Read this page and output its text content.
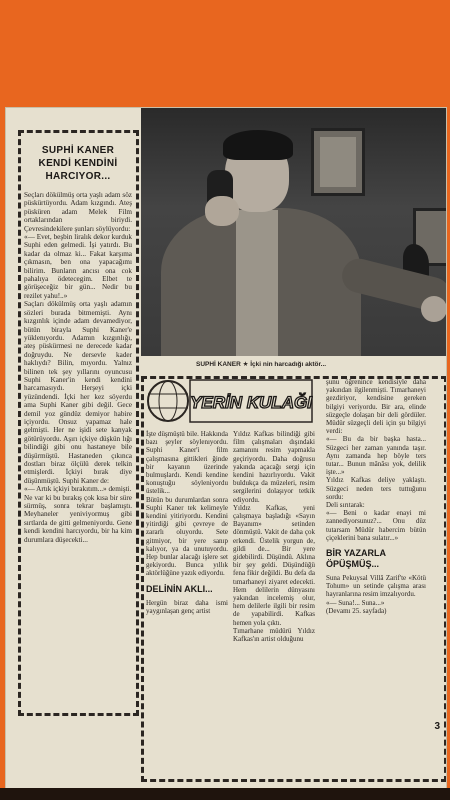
SUPHİ KANER
KENDİ KENDİNİ
HARCIYOR...

Seçları dökülmüş orta yaşlı adam söz püskürtüyordu. Adam kızgındı. Ateş püsküren adam Melek Film ortaklarından biriydi. Çevresindekilere şunları söylüyordu:
«— Evet, beşbin liralık dekor kurduk Suphi eden gelmedi. İşi yatırdı. Bu kadar da olmaz ki... Fakat karşıma çıkmasın, ben ona yapacağımı bilirim. Bunların ancısı ona cok pahalıya ödetecegim. Elbet te görüşeceğiz bir gün... Nedir bu rezilet yahu!..»
Saçları dökülmüş orta yaşlı adamın sözleri burada bitmemişti. Aynı kızgınlık içinde adam devamediyor, bütün birayla Suphi Kaner'e yüklenıyordu. Adamın kızgınlığı, ateş püskürmesi ne derecede kadar doğruydu. Ne dersevle kader haklıydı? Bilin, mıyordu. Yalnız bilinen tek şey yıllarını oyuncusu Suphi Kaner'in kendi kendini harcamasıydı. Herşeyi içki yüzündendi. İçki her kez söyerdu ama Suphi Kaner gibi değil. Gece demil yoz gündüz demiyor habire içiyordu. Onsuz yapamaz hale gelmişti. Her ne işidi sete kanyak götürüyordu. Aşırı içkiye düşkün lığı bilindiği gibi onu hastaneye bile düşürmüştü. Hastaneden çıkınca dostları biraz ölçülü derek telkin etmişlerdi. İçkiyi bırak diye düşünmüştü. Suphi Kaner de:
«— Artık içkiyi bırakıtım...» demişti.
Ne var ki bu bırakış çok kısa bir süre sürmüş, sonra tekrar başlamıştı. Meyhaneler yeniviyormuş gibi sırtlarda de gitti gelmeniyordu. Gene kendi kendini harcıyordu, bir ha kim durumlara düşecekti...

SUPHİ KANER ★ İçki nin harcadığı aktör...
YERİN KULAĞI

İşte düşmüştü bile. Hakkında bazı şeyler söylenıyordu. Suphi Kaner'i film çalışmasına gittikleri ğinde bir kayanın üzerinde bulmuşlardı. Kendi kendine konuştuğu söyleniyordu üstelik...
Bütün bu durumlardan sonra Suphi Kaner tek kelimeyle kendini yitiriyordu. Kendini yitirdiği gibi çevreye de zararlı oluyordu. Sete gitmiyor, bir yere sanıp kalıyor, ya da unutuyordu. Hep bunlar alacağı işlere set gekiyordu. Bunca yıllık aktörlüğüne yazık ediyordu.

DELİNİN AKLI...

Hergün biraz daha ismi yaygınlaşan genç artist

Yıldız Kafkas bilindiği gibi film çalışmaları dışındaki zamanını resim yapmakla geçiriyordu. Daha doğrusu yakında açacağı sergi için kendini hazırlıyordu. Vakit buldukça da müzeleri, resim sergilerini dolaşıyor tetkik ediyordu.
Yıldız Kafkas, yeni çalışmaya başladığı «Sayın Bayanım» setinden dönmüştü. Vakit de daha çok erkendi. Üstelik yorgun de, gildi de... Bir yere gidebilirdi. Düşündü. Aklına bir şey geldi. Düşündüğü fena fikir değildi. Bu defa da tımarhaneyi ziyaret edecekti. Hem delilerin dünyasını yakından incelemiş olur, hem delilerle ilgili bir resim de yapabilirdi. Kafkas hemen yola çıktı.
Tımarhane müdürü Yıldız Kafkas'ın artist olduğunu

şunu öğrenince kendisiyle daha yakından ilgilenmişti. Tımarhaneyi gezdiriyor, kendisine gereken bilgiyi veriyordu. Bir ara, elinde süzgeçle dolaşan bir deli gördüler. Müdür süzgeçli deli için şu bilgiyi verdi:
«— Bu da bir başka hasta... Süzgeci her zaman yanında taşır. Aynı zamanda hep böyle ters tutar... Bunun mânâsı yok, delilik işte...»
Yıldız Kafkas deliye yaklaştı. Süzgeci neden ters tuttuğunu sordu:
Deli sırıtarak:
«— Beni o kadar enayi mi zannediyorsunuz?... Onu düz tutarsam Müdür habercim bütün çiçeklerini bana sulatır...»

BİR YAZARLA ÖPÜŞMÜŞ...

Suna Pekuysal Villâ Zarif'te «Kötü Tohum» un setinde çalışma arası hayranlarına resim imzalıyordu.
«— Suna!... Suna...»
(Devamı 25. sayfada)

3
